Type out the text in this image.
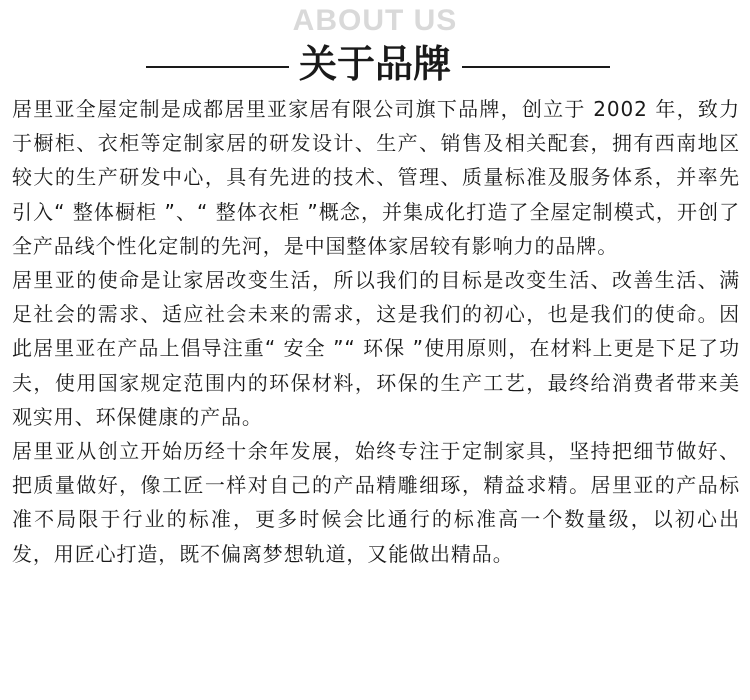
ABOUT US
关于品牌

居里亚全屋定制是成都居里亚家居有限公司旗下品牌，创立于 2002 年，致力于橱柜、衣柜等定制家居的研发设计、生产、销售及相关配套，拥有西南地区较大的生产研发中心，具有先进的技术、管理、质量标准及服务体系，并率先引入“ 整体橱柜 ”、“ 整体衣柜 ”概念，并集成化打造了全屋定制模式，开创了全产品线个性化定制的先河，是中国整体家居较有影响力的品牌。

居里亚的使命是让家居改变生活，所以我们的目标是改变生活、改善生活、满足社会的需求、适应社会未来的需求，这是我们的初心，也是我们的使命。因此居里亚在产品上倡导注重“ 安全 ”“ 环保 ”使用原则，在材料上更是下足了功夫，使用国家规定范围内的环保材料，环保的生产工艺，最终给消费者带来美观实用、环保健康的产品。

居里亚从创立开始历经十余年发展，始终专注于定制家具，坚持把细节做好、把质量做好，像工匠一样对自己的产品精雕细琢，精益求精。居里亚的产品标准不局限于行业的标准，更多时候会比通行的标准高一个数量级，以初心出发，用匠心打造，既不偏离梦想轨道，又能做出精品。
